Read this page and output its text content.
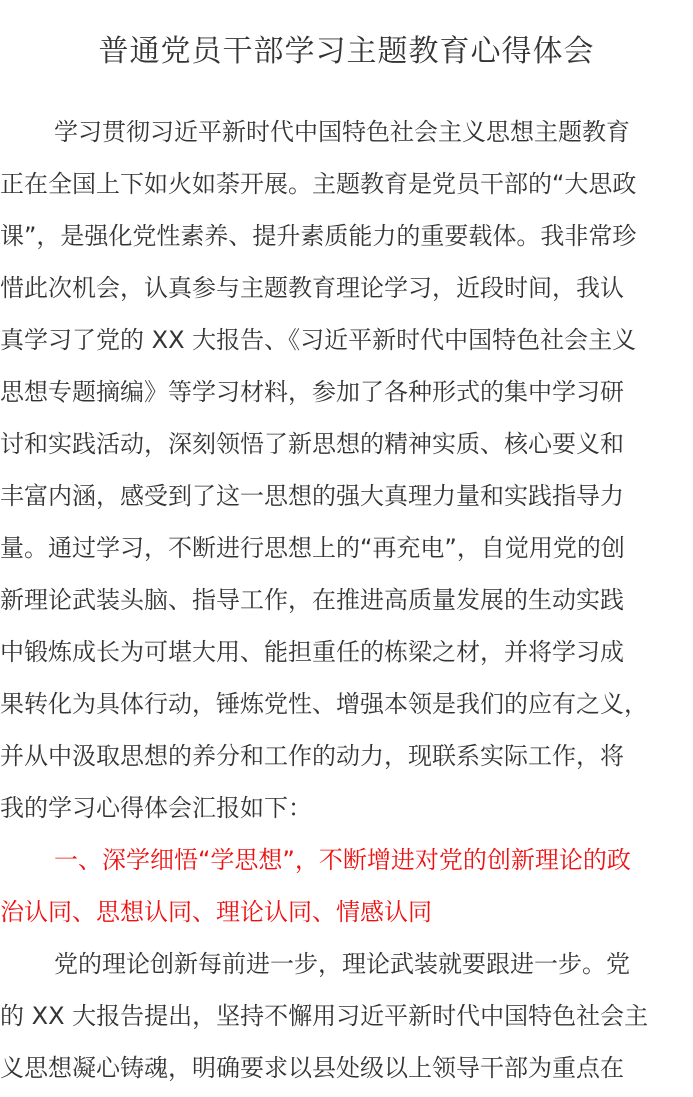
普通党员干部学习主题教育心得体会
学习贯彻习近平新时代中国特色社会主义思想主题教育
正在全国上下如火如荼开展。主题教育是党员干部的“大思政
课”，是强化党性素养、提升素质能力的重要载体。我非常珍
惜此次机会，认真参与主题教育理论学习，近段时间，我认
真学习了党的 XX 大报告、《习近平新时代中国特色社会主义
思想专题摘编》等学习材料，参加了各种形式的集中学习研
讨和实践活动，深刻领悟了新思想的精神实质、核心要义和
丰富内涵，感受到了这一思想的强大真理力量和实践指导力
量。通过学习，不断进行思想上的“再充电”，自觉用党的创
新理论武装头脑、指导工作，在推进高质量发展的生动实践
中锻炼成长为可堪大用、能担重任的栋梁之材，并将学习成
果转化为具体行动，锤炼党性、增强本领是我们的应有之义，
并从中汲取思想的养分和工作的动力，现联系实际工作，将
我的学习心得体会汇报如下：
一、深学细悟“学思想”，不断增进对党的创新理论的政
治认同、思想认同、理论认同、情感认同
党的理论创新每前进一步，理论武装就要跟进一步。党
的 XX 大报告提出，坚持不懈用习近平新时代中国特色社会主
义思想凝心铸魂，明确要求以县处级以上领导干部为重点在
